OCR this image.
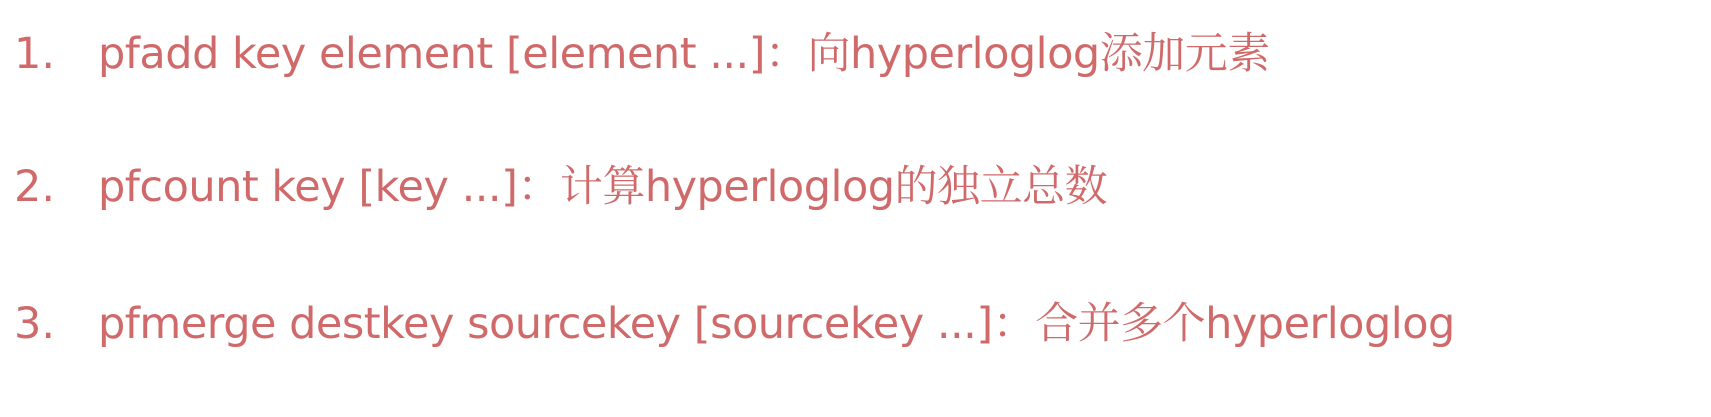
1. pfadd key element [element ...]：向hyperloglog添加元素
2. pfcount key [key ...]：计算hyperloglog的独立总数
3. pfmerge destkey sourcekey [sourcekey ...]：合并多个hyperloglog
